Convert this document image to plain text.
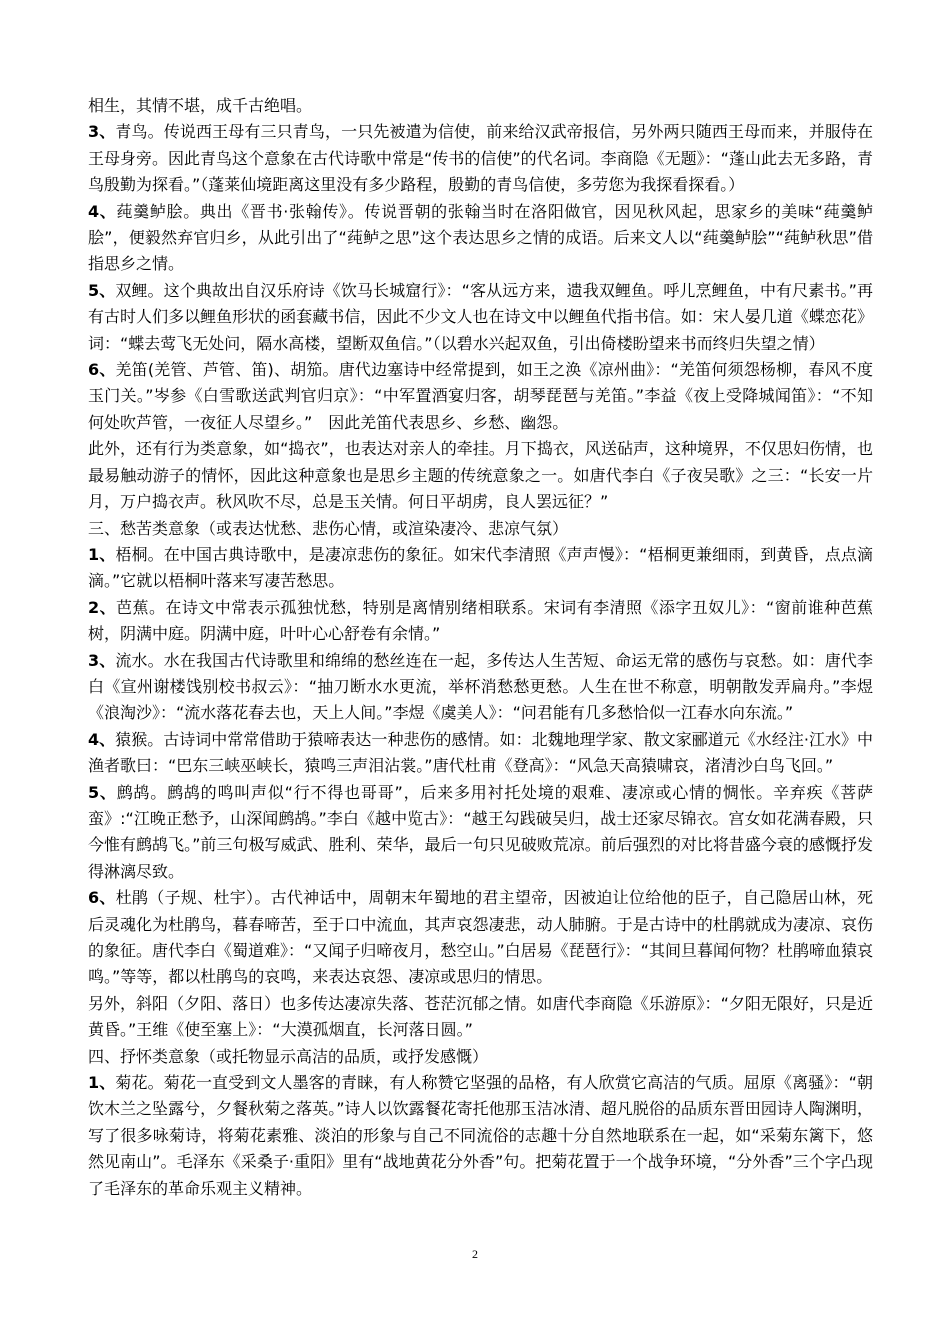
相生，其情不堪，成千古绝唱。

3、青鸟。传说西王母有三只青鸟，一只先被遣为信使，前来给汉武帝报信，另外两只随西王母而来，并服侍在王母身旁。因此青鸟这个意象在古代诗歌中常是“传书的信使”的代名词。李商隐《无题》：“蓬山此去无多路，青鸟殷勤为探看。”（蓬莱仙境距离这里没有多少路程，殷勤的青鸟信使，多劳您为我探看探看。）

4、莼羹鲈脍。典出《晋书·张翰传》。传说晋朝的张翰当时在洛阳做官，因见秋风起，思家乡的美味“莼羹鲈脍”，便毅然弃官归乡，从此引出了“莼鲈之思”这个表达思乡之情的成语。后来文人以“莼羹鲈脍”“莼鲈秋思”借指思乡之情。

5、双鲤。这个典故出自汉乐府诗《饮马长城窟行》：“客从远方来，遗我双鲤鱼。呼儿烹鲤鱼，中有尺素书。”再有古时人们多以鲤鱼形状的函套藏书信，因此不少文人也在诗文中以鲤鱼代指书信。如：宋人晏几道《蝶恋花》词：“蝶去莺飞无处问，隔水高楼，望断双鱼信。”（以碧水兴起双鱼，引出倚楼盼望来书而终归失望之情）

6、羌笛(羌管、芦管、笛)、胡笳。唐代边塞诗中经常提到，如王之涣《凉州曲》：“羌笛何须怨杨柳，春风不度玉门关。”岑参《白雪歌送武判官归京》：“中军置酒宴归客，胡琴琵琶与羌笛。”李益《夜上受降城闻笛》：“不知何处吹芦管，一夜征人尽望乡。”　因此羌笛代表思乡、乡愁、幽怨。

此外，还有行为类意象，如“捣衣”，也表达对亲人的牵挂。月下捣衣，风送砧声，这种境界，不仅思妇伤情，也最易触动游子的情怀，因此这种意象也是思乡主题的传统意象之一。如唐代李白《子夜吴歌》之三：“长安一片月，万户捣衣声。秋风吹不尽，总是玉关情。何日平胡虏，良人罢远征？”

三、愁苦类意象（或表达忧愁、悲伤心情，或渲染凄冷、悲凉气氛）

1、梧桐。在中国古典诗歌中，是凄凉悲伤的象征。如宋代李清照《声声慢》：“梧桐更兼细雨，到黄昏，点点滴滴。”它就以梧桐叶落来写凄苦愁思。

2、芭蕉。在诗文中常表示孤独忧愁，特别是离情别绪相联系。宋词有李清照《添字丑奴儿》：“窗前谁种芭蕉树，阴满中庭。阴满中庭，叶叶心心舒卷有余情。”

3、流水。水在我国古代诗歌里和绵绵的愁丝连在一起，多传达人生苦短、命运无常的感伤与哀愁。如：唐代李白《宣州谢楼饯别校书叔云》：“抽刀断水水更流，举杯消愁愁更愁。人生在世不称意，明朝散发弄扁舟。”李煜《浪淘沙》：“流水落花春去也，天上人间。”李煜《虞美人》：“问君能有几多愁恰似一江春水向东流。”

4、猿猴。古诗词中常常借助于猿啼表达一种悲伤的感情。如：北魏地理学家、散文家郦道元《水经注·江水》中渔者歌曰：“巴东三峡巫峡长，猿鸣三声泪沾裳。”唐代杜甫《登高》：“风急天高猿啸哀，渚清沙白鸟飞回。”

5、鹧鸪。鹧鸪的鸣叫声似“行不得也哥哥”，后来多用衬托处境的艰难、凄凉或心情的惆怅。辛弃疾《菩萨蛮》:“江晚正愁予，山深闻鹧鸪。”李白《越中览古》：“越王勾践破吴归，战士还家尽锦衣。宫女如花满春殿，只今惟有鹧鸪飞。”前三句极写威武、胜利、荣华，最后一句只见破败荒凉。前后强烈的对比将昔盛今衰的感慨抒发得淋漓尽致。

6、杜鹃（子规、杜宇）。古代神话中，周朝末年蜀地的君主望帝，因被迫让位给他的臣子，自己隐居山林，死后灵魂化为杜鹃鸟，暮春啼苦，至于口中流血，其声哀怨凄悲，动人肺腑。于是古诗中的杜鹃就成为凄凉、哀伤的象征。唐代李白《蜀道难》：“又闻子归啼夜月，愁空山。”白居易《琵琶行》：“其间旦暮闻何物？杜鹃啼血猿哀鸣。”等等，都以杜鹃鸟的哀鸣，来表达哀怨、凄凉或思归的情思。

另外，斜阳（夕阳、落日）也多传达凄凉失落、苍茫沉郁之情。如唐代李商隐《乐游原》：“夕阳无限好，只是近黄昏。”王维《使至塞上》：“大漠孤烟直，长河落日圆。”

四、抒怀类意象（或托物显示高洁的品质，或抒发感慨）

1、菊花。菊花一直受到文人墨客的青睐，有人称赞它坚强的品格，有人欣赏它高洁的气质。屈原《离骚》：“朝饮木兰之坠露兮，夕餐秋菊之落英。”诗人以饮露餐花寄托他那玉洁冰清、超凡脱俗的品质东晋田园诗人陶渊明，写了很多咏菊诗，将菊花素雅、淡泊的形象与自己不同流俗的志趣十分自然地联系在一起，如“采菊东篱下，悠然见南山”。毛泽东《采桑子·重阳》里有“战地黄花分外香”句。把菊花置于一个战争环境，“分外香”三个字凸现了毛泽东的革命乐观主义精神。

2
